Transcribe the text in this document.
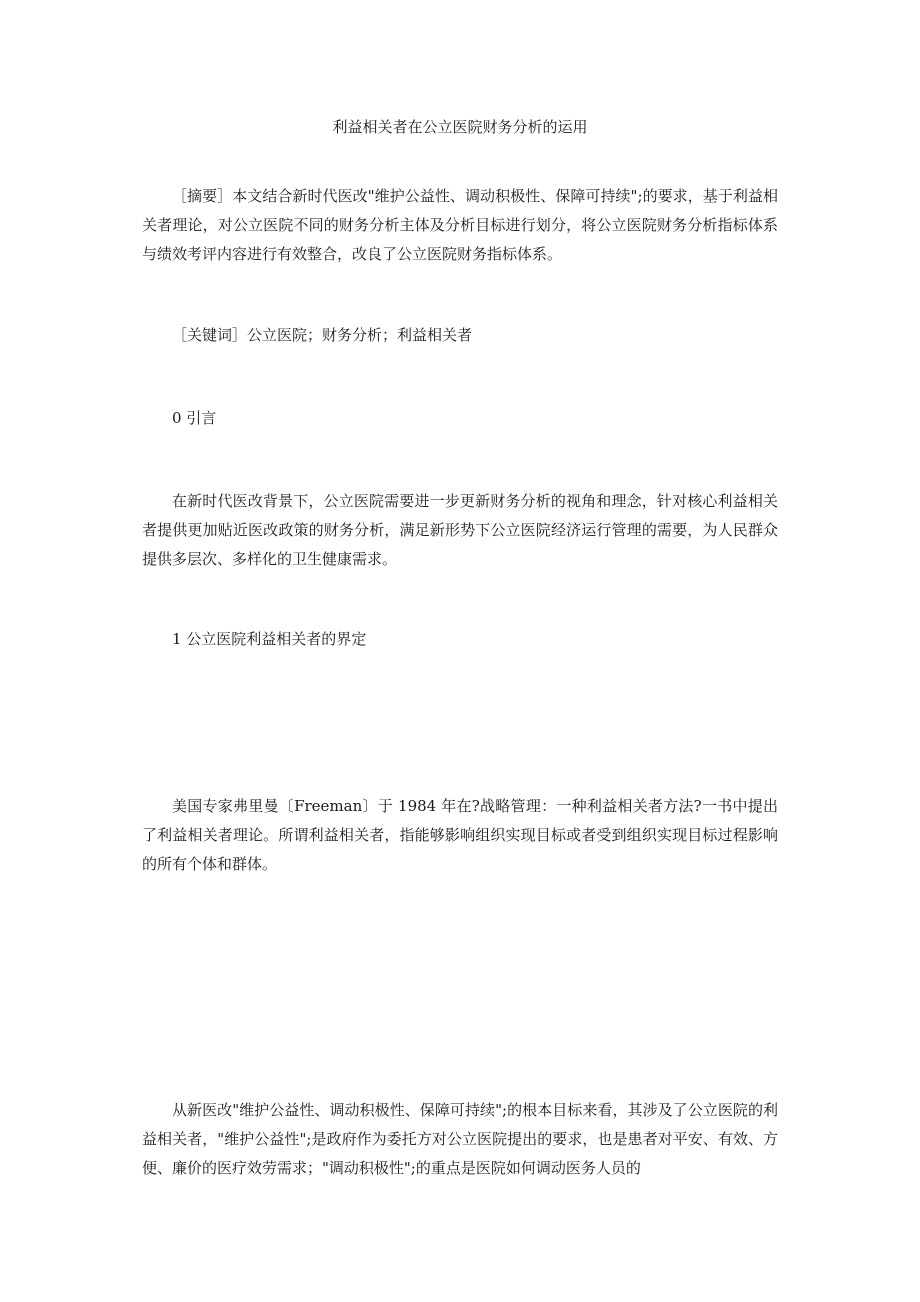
利益相关者在公立医院财务分析的运用
［摘要］本文结合新时代医改"维护公益性、调动积极性、保障可持续";的要求，基于利益相关者理论，对公立医院不同的财务分析主体及分析目标进行划分，将公立医院财务分析指标体系与绩效考评内容进行有效整合，改良了公立医院财务指标体系。
［关键词］公立医院；财务分析；利益相关者
0 引言
在新时代医改背景下，公立医院需要进一步更新财务分析的视角和理念，针对核心利益相关者提供更加贴近医改政策的财务分析，满足新形势下公立医院经济运行管理的需要，为人民群众提供多层次、多样化的卫生健康需求。
1 公立医院利益相关者的界定
美国专家弗里曼〔Freeman〕于 1984 年在?战略管理：一种利益相关者方法?一书中提出了利益相关者理论。所谓利益相关者，指能够影响组织实现目标或者受到组织实现目标过程影响的所有个体和群体。
从新医改"维护公益性、调动积极性、保障可持续";的根本目标来看，其涉及了公立医院的利益相关者，"维护公益性";是政府作为委托方对公立医院提出的要求，也是患者对平安、有效、方便、廉价的医疗效劳需求；"调动积极性";的重点是医院如何调动医务人员的
